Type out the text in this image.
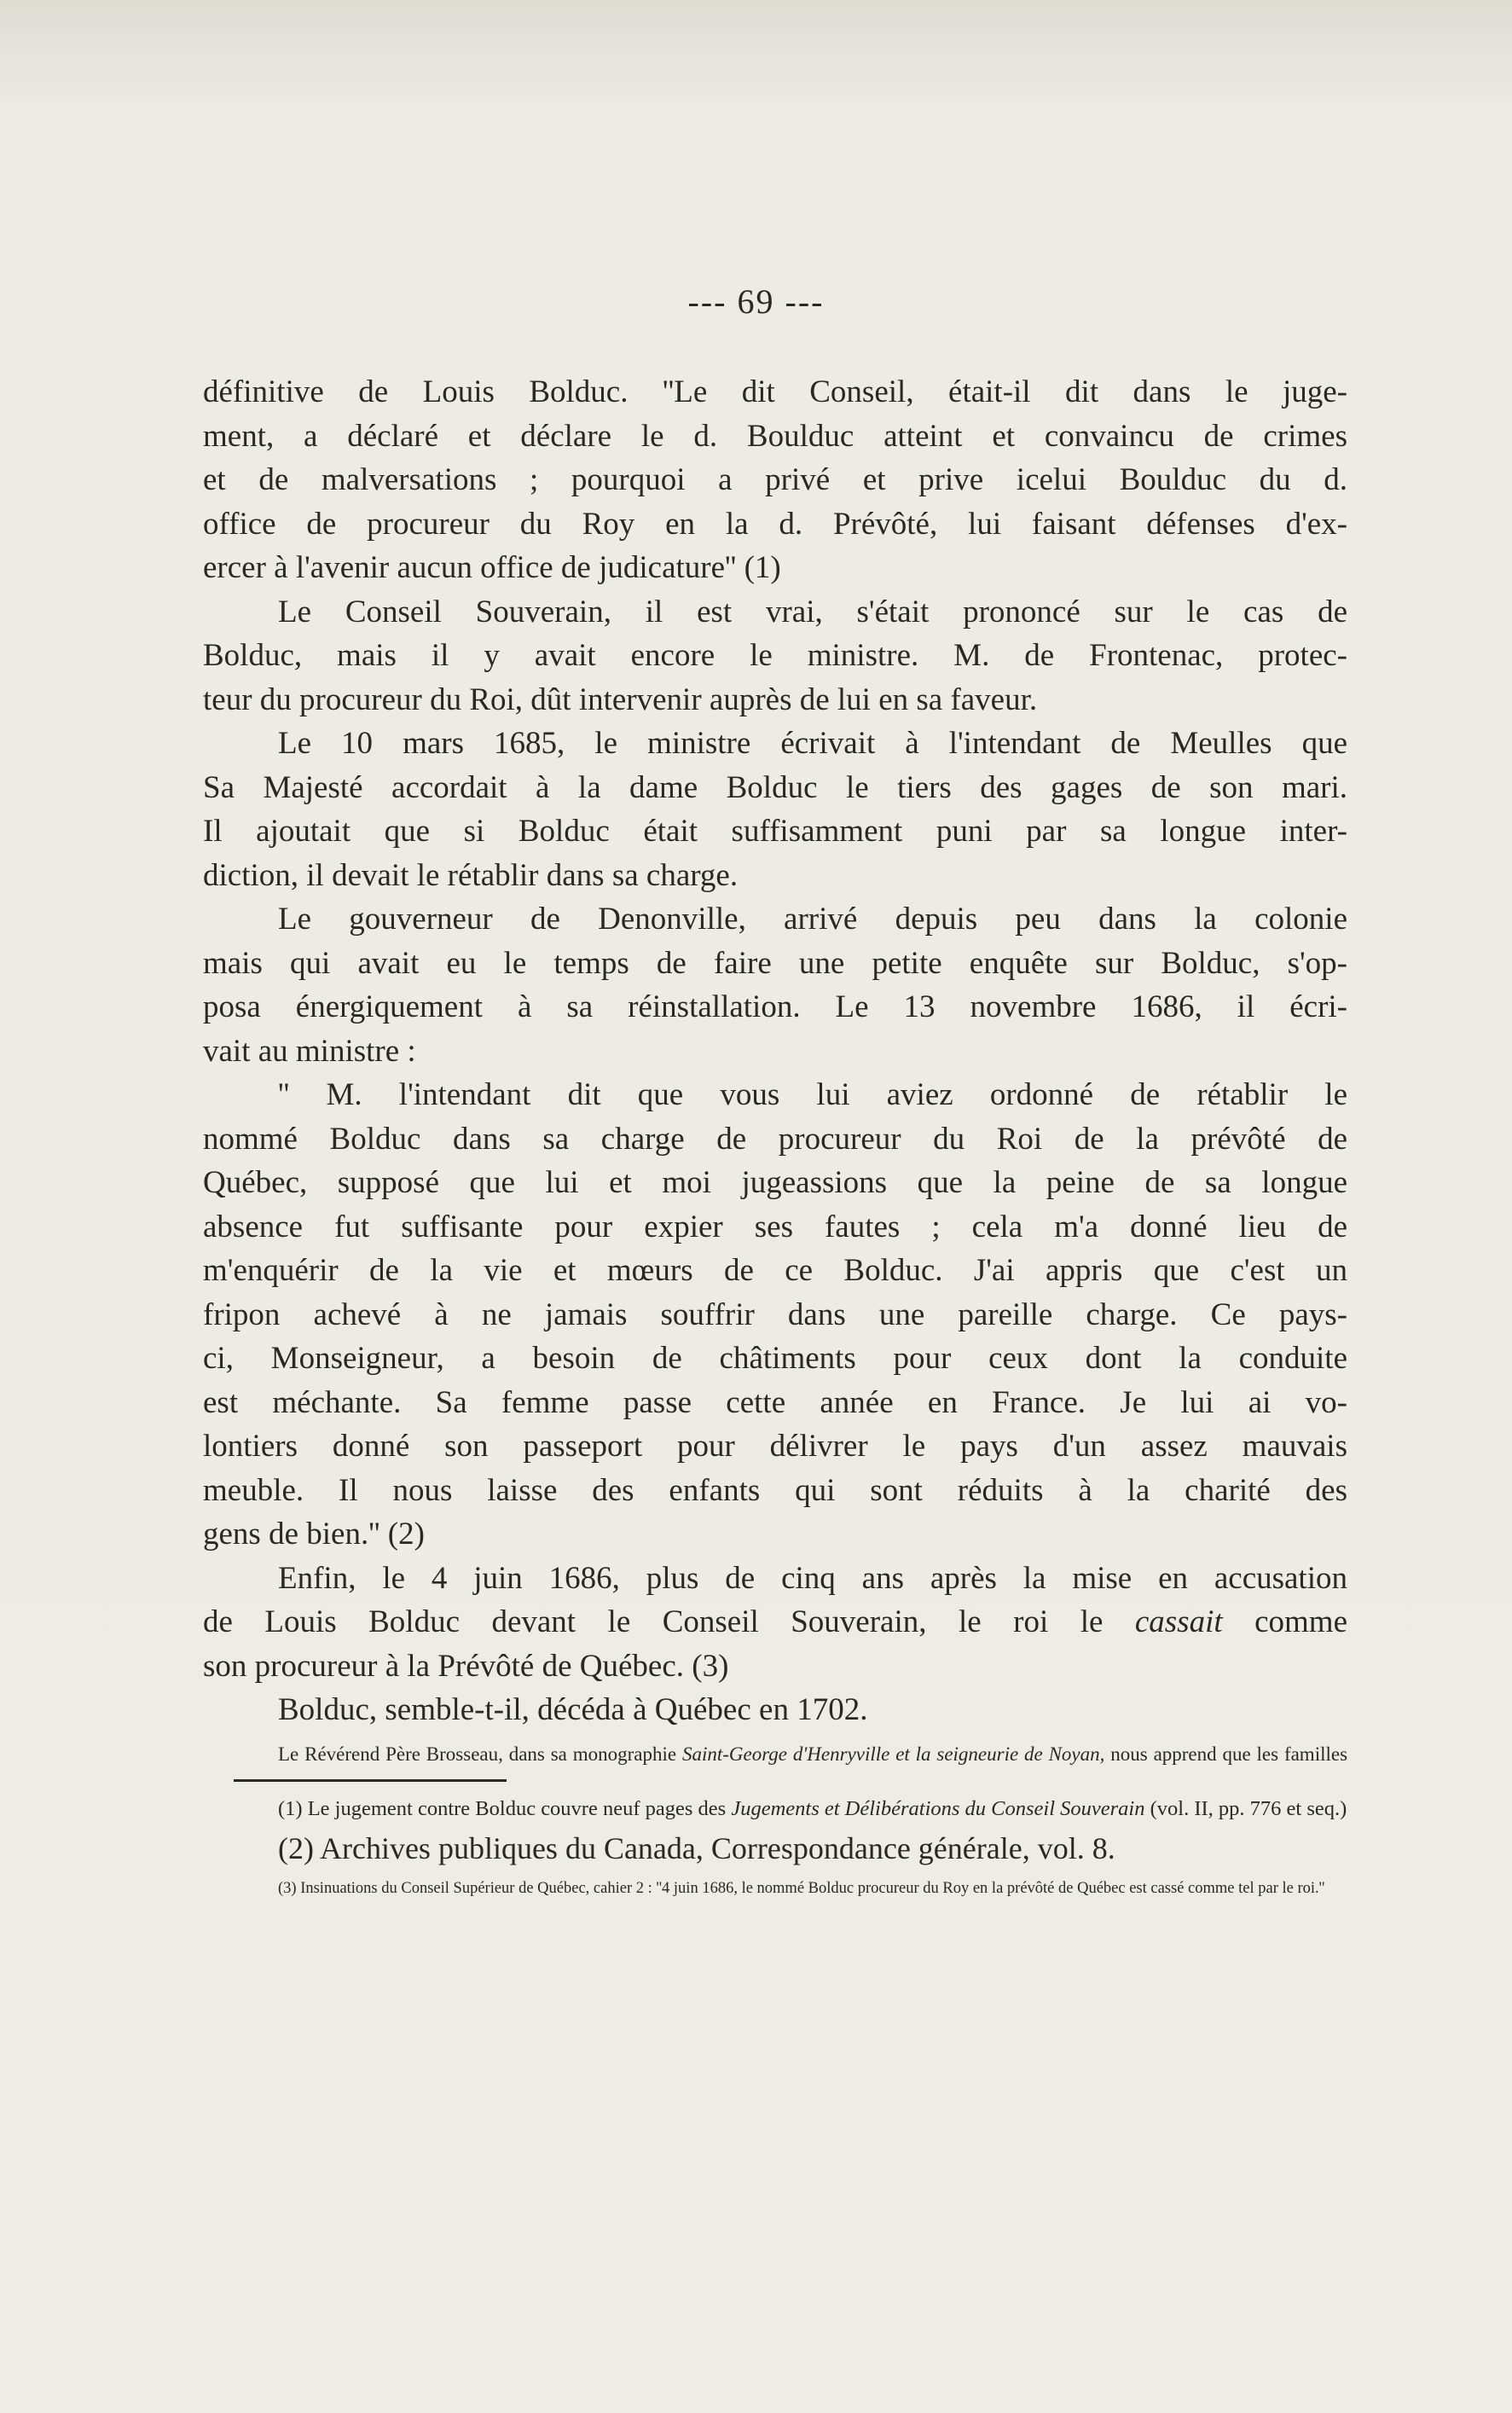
--- 69 ---
définitive de Louis Bolduc. ''Le dit Conseil, était-il dit dans le juge-
ment, a déclaré et déclare le d. Boulduc atteint et convaincu de crimes
et de malversations ; pourquoi a privé et prive icelui Boulduc du d.
office de procureur du Roy en la d. Prévôté, lui faisant défenses d'ex-
ercer à l'avenir aucun office de judicature'' (1)
Le Conseil Souverain, il est vrai, s'était prononcé sur le cas de
Bolduc, mais il y avait encore le ministre. M. de Frontenac, protec-
teur du procureur du Roi, dût intervenir auprès de lui en sa faveur.
Le 10 mars 1685, le ministre écrivait à l'intendant de Meulles que
Sa Majesté accordait à la dame Bolduc le tiers des gages de son mari.
Il ajoutait que si Bolduc était suffisamment puni par sa longue inter-
diction, il devait le rétablir dans sa charge.
Le gouverneur de Denonville, arrivé depuis peu dans la colonie
mais qui avait eu le temps de faire une petite enquête sur Bolduc, s'op-
posa énergiquement à sa réinstallation. Le 13 novembre 1686, il écri-
vait au ministre :
'' M. l'intendant dit que vous lui aviez ordonné de rétablir le
nommé Bolduc dans sa charge de procureur du Roi de la prévôté de
Québec, supposé que lui et moi jugeassions que la peine de sa longue
absence fut suffisante pour expier ses fautes ; cela m'a donné lieu de
m'enquérir de la vie et mœurs de ce Bolduc. J'ai appris que c'est un
fripon achevé à ne jamais souffrir dans une pareille charge. Ce pays-
ci, Monseigneur, a besoin de châtiments pour ceux dont la conduite
est méchante. Sa femme passe cette année en France. Je lui ai vo-
lontiers donné son passeport pour délivrer le pays d'un assez mauvais
meuble. Il nous laisse des enfants qui sont réduits à la charité des
gens de bien.'' (2)
Enfin, le 4 juin 1686, plus de cinq ans après la mise en accusation
de Louis Bolduc devant le Conseil Souverain, le roi le cassait comme
son procureur à la Prévôté de Québec. (3)
Bolduc, semble-t-il, décéda à Québec en 1702.
Le Révérend Père Brosseau, dans sa monographie Saint-George d'Henryville et la seigneurie de Noyan, nous apprend que les familles
(1) Le jugement contre Bolduc couvre neuf pages des Jugements et Délibérations du Conseil Souverain (vol. II, pp. 776 et seq.)
(2) Archives publiques du Canada, Correspondance générale, vol. 8.
(3) Insinuations du Conseil Supérieur de Québec, cahier 2 : ''4 juin 1686, le nommé Bolduc procureur du Roy en la prévôté de Québec est cassé comme tel par le roi.''
